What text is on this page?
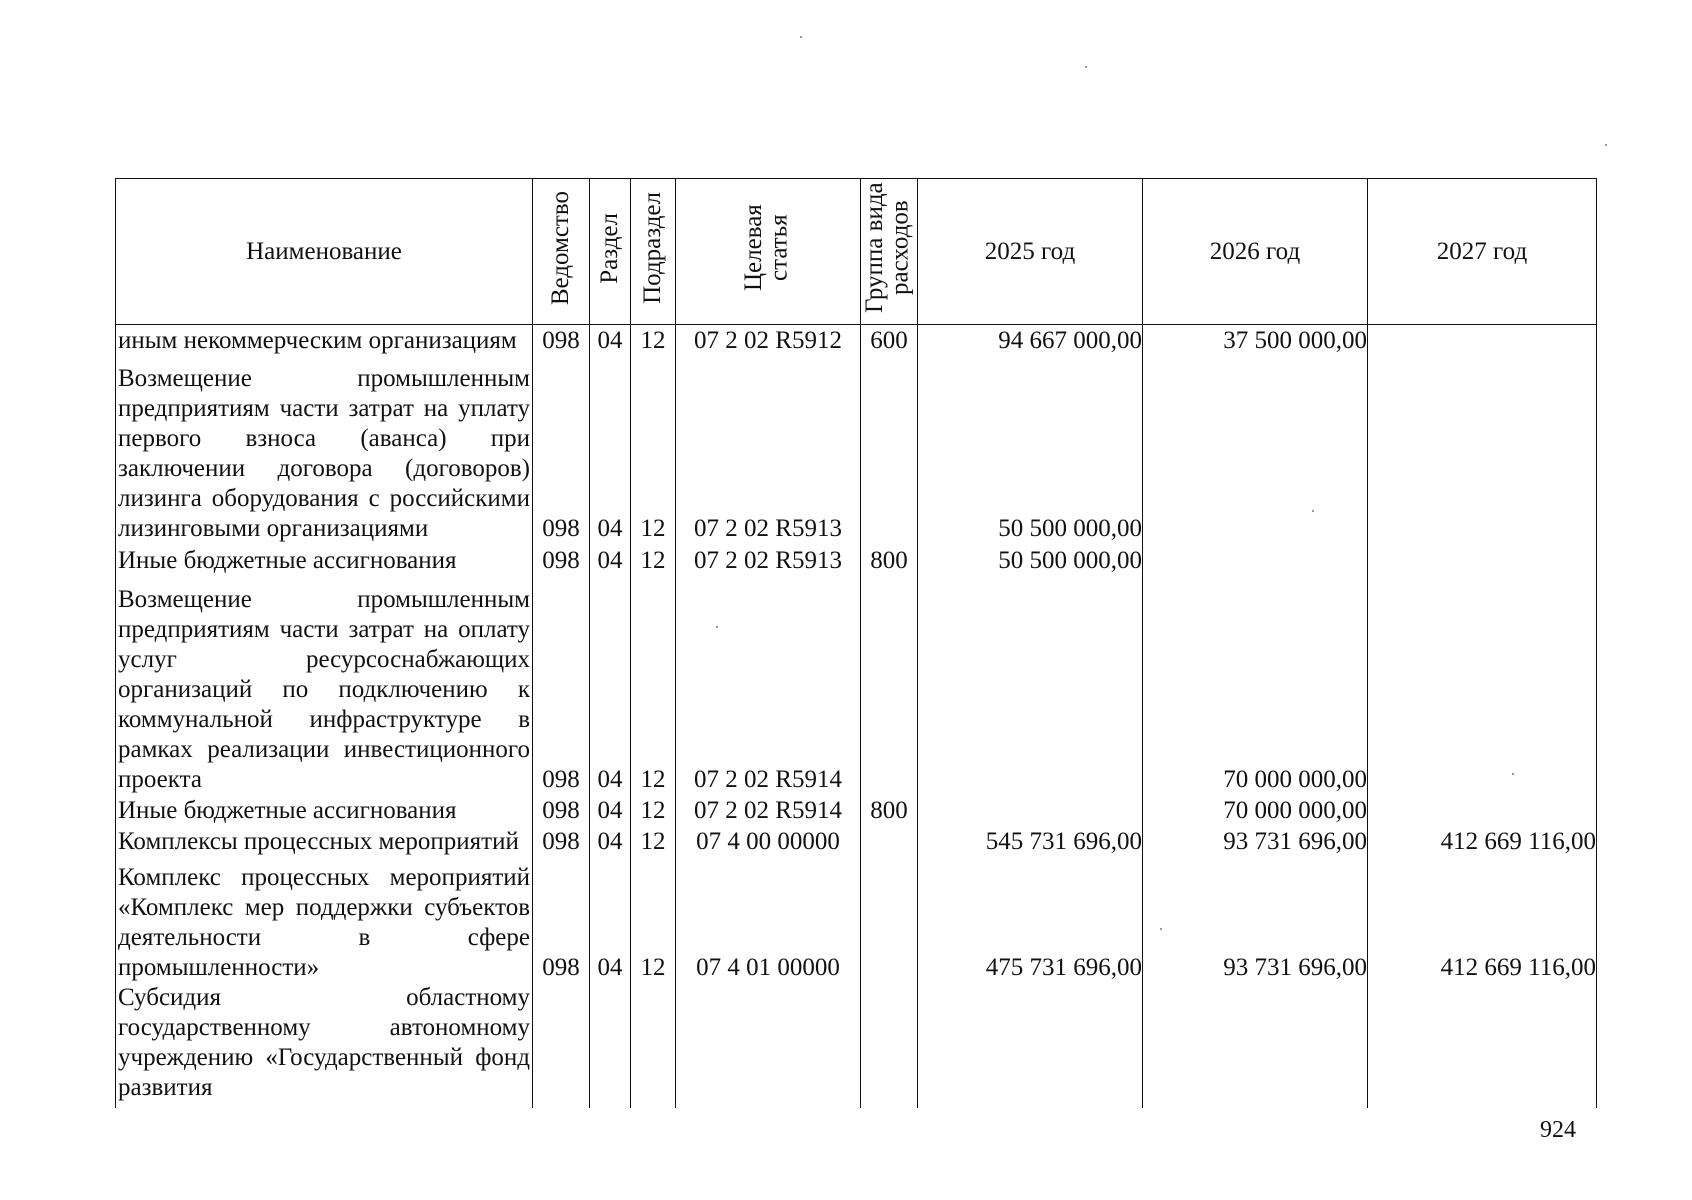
Наименование	Ведомство	Раздел	Подраздел	Целевая статья	Группа вида расходов	2025 год	2026 год	2027 год
иным некоммерческим организациям	098	04	12	07 2 02 R5912	600	94 667 000,00	37 500 000,00	
Возмещение промышленным предприятиям части затрат на уплату первого взноса (аванса) при заключении договора (договоров) лизинга оборудования с российскими лизинговыми организациями	098	04	12	07 2 02 R5913		50 500 000,00		
Иные бюджетные ассигнования	098	04	12	07 2 02 R5913	800	50 500 000,00		
Возмещение промышленным предприятиям части затрат на оплату услуг ресурсоснабжающих организаций по подключению к коммунальной инфраструктуре в рамках реализации инвестиционного проекта	098	04	12	07 2 02 R5914			70 000 000,00	
Иные бюджетные ассигнования	098	04	12	07 2 02 R5914	800		70 000 000,00	
Комплексы процессных мероприятий	098	04	12	07 4 00 00000		545 731 696,00	93 731 696,00	412 669 116,00
Комплекс процессных мероприятий «Комплекс мер поддержки субъектов деятельности в сфере промышленности»	098	04	12	07 4 01 00000		475 731 696,00	93 731 696,00	412 669 116,00
Субсидия областному государственному автономному учреждению «Государственный фонд развития								
924
